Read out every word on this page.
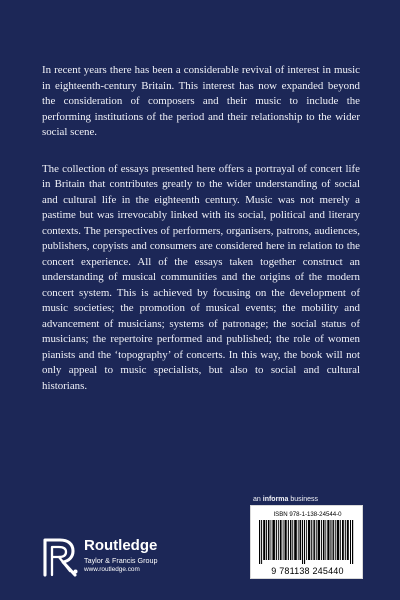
In recent years there has been a considerable revival of interest in music in eighteenth-century Britain. This interest has now expanded beyond the consideration of composers and their music to include the performing institutions of the period and their relationship to the wider social scene.

The collection of essays presented here offers a portrayal of concert life in Britain that contributes greatly to the wider understanding of social and cultural life in the eighteenth century. Music was not merely a pastime but was irrevocably linked with its social, political and literary contexts. The perspectives of performers, organisers, patrons, audiences, publishers, copyists and consumers are considered here in relation to the concert experience. All of the essays taken together construct an understanding of musical communities and the origins of the modern concert system. This is achieved by focusing on the development of music societies; the promotion of musical events; the mobility and advancement of musicians; systems of patronage; the social status of musicians; the repertoire performed and published; the role of women pianists and the ‘topography’ of concerts. In this way, the book will not only appeal to music specialists, but also to social and cultural historians.

an informa business
Routledge
Taylor & Francis Group
www.routledge.com
ISBN 978-1-138-24544-0
9 781138 245440
